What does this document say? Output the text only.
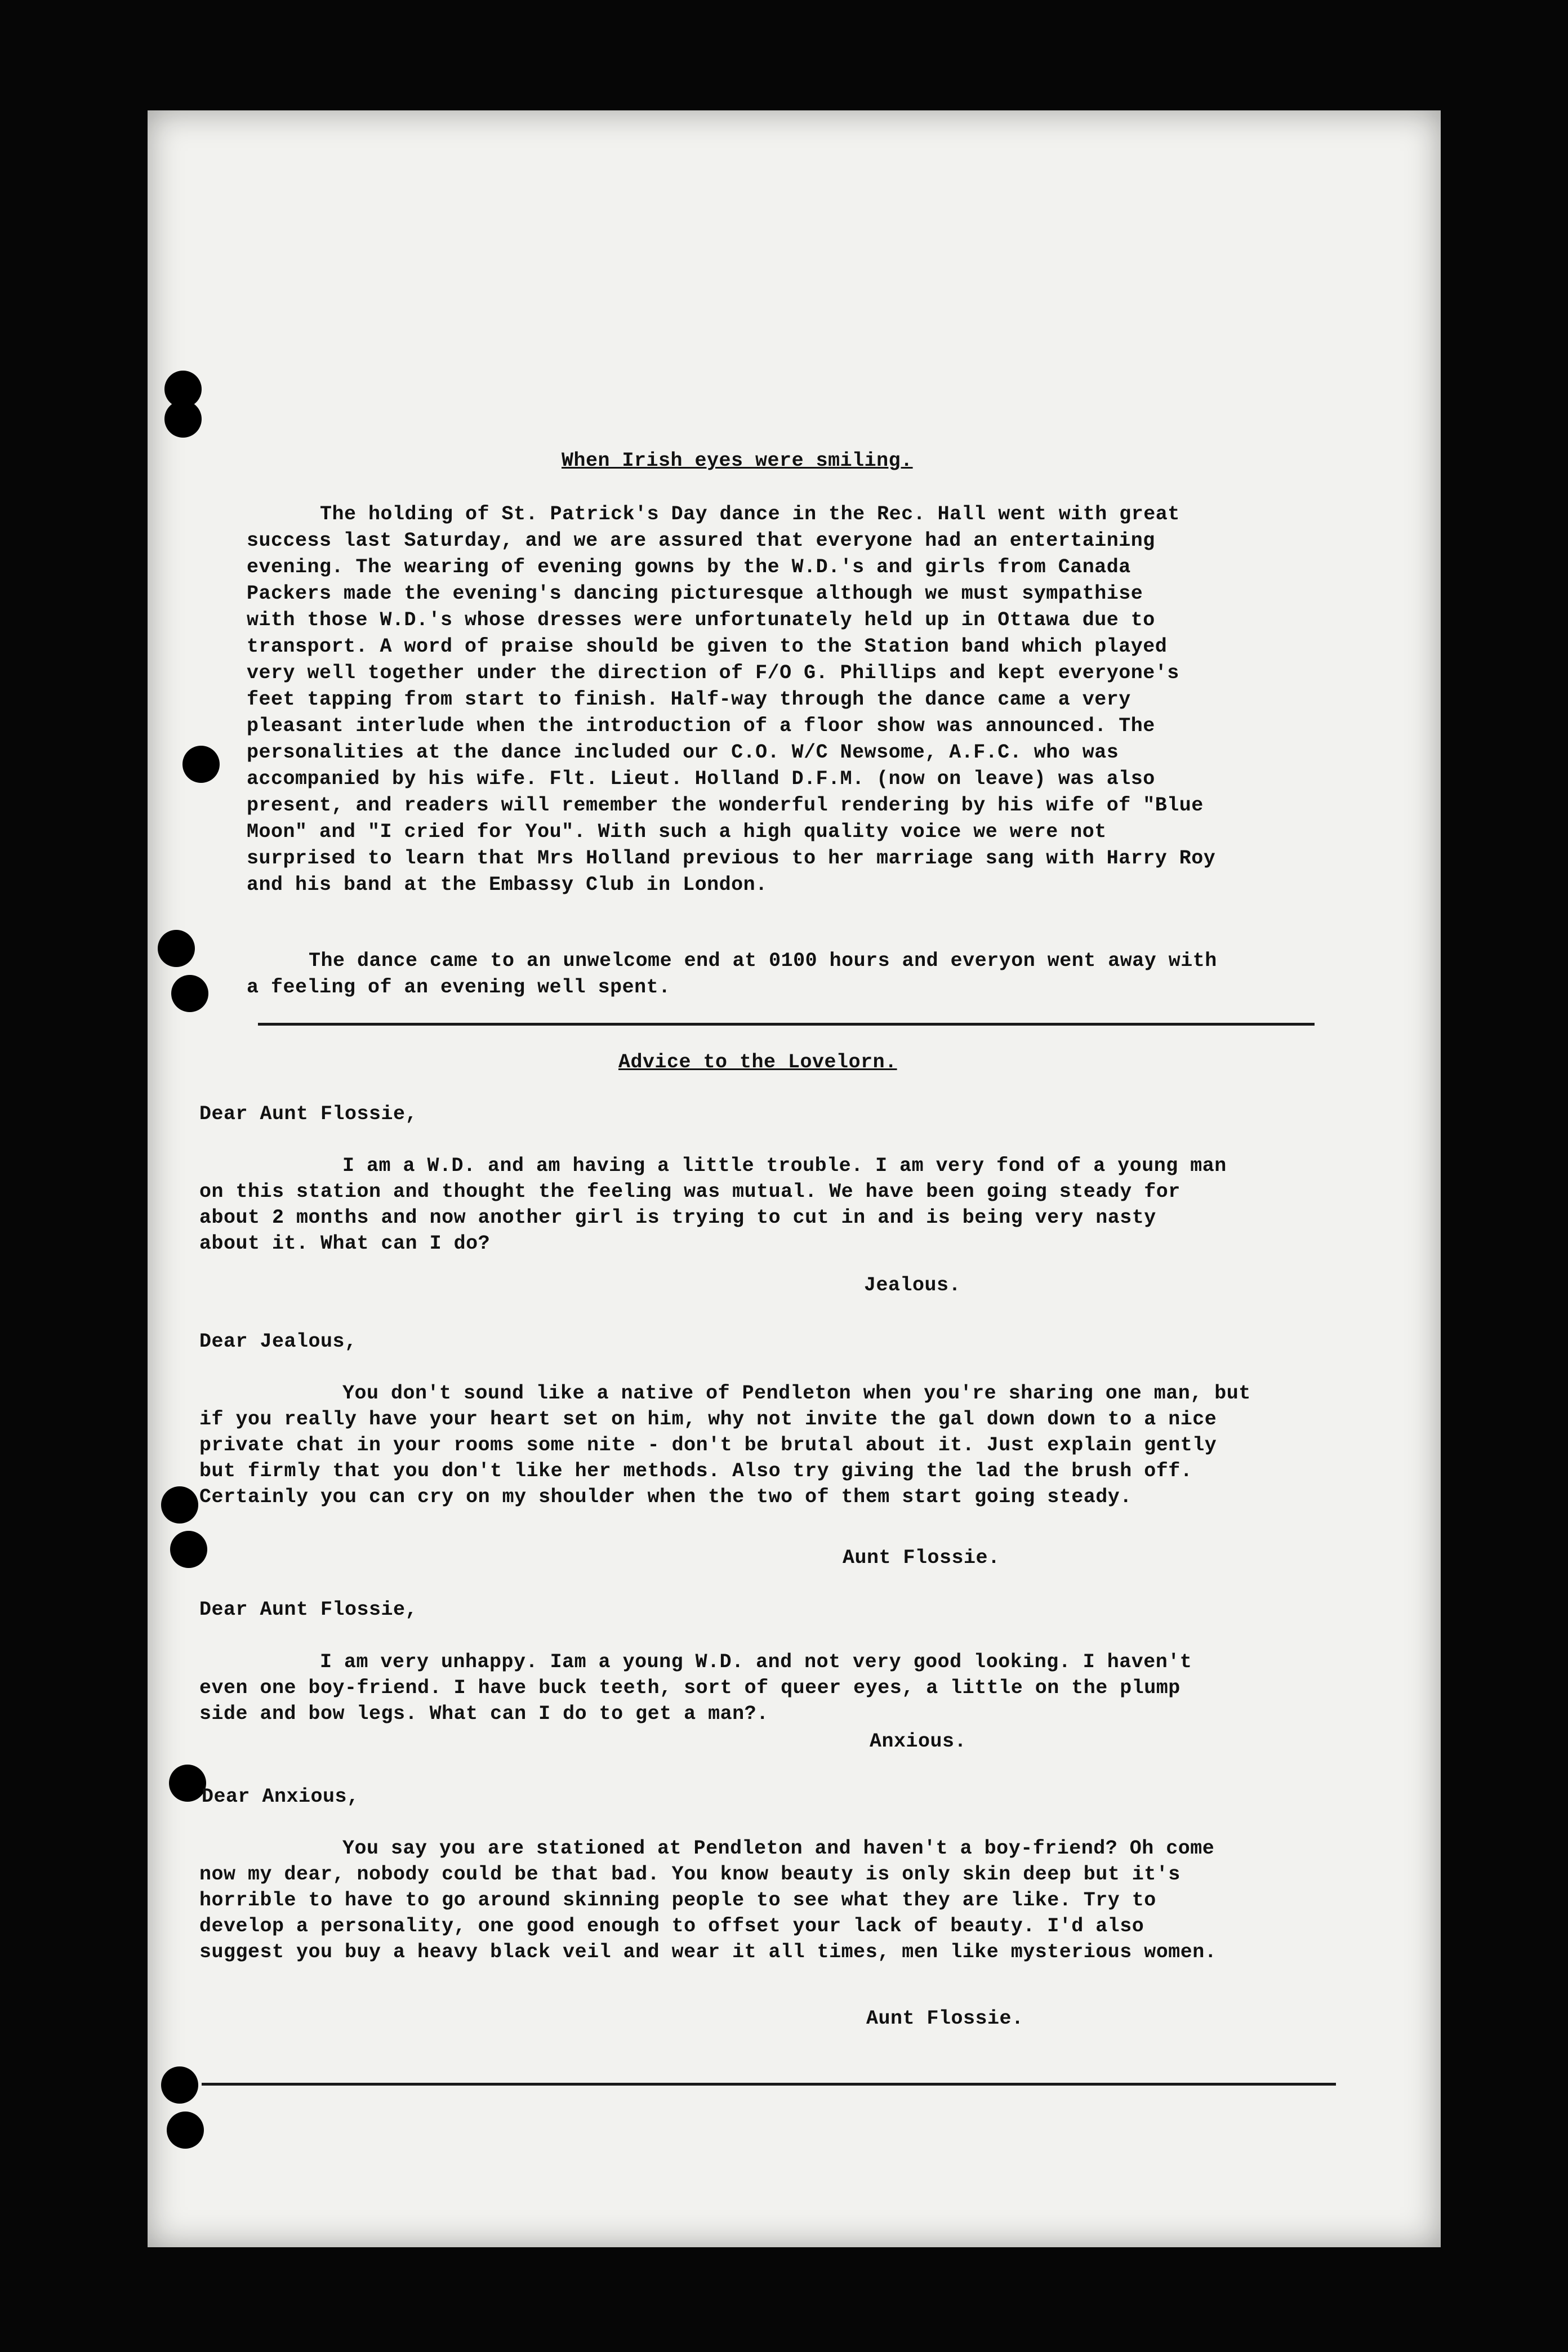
When Irish eyes were smiling.
The holding of St. Patrick's Day dance in the Rec. Hall went with great
success last Saturday, and we are assured that everyone had an entertaining
evening. The wearing of evening gowns by the W.D.'s and girls from Canada
Packers made the evening's dancing picturesque although we must sympathise
with those W.D.'s whose dresses were unfortunately held up in Ottawa due to
transport. A word of praise should be given to the Station band which played
very well together under the direction of F/O G. Phillips and kept everyone's
feet tapping from start to finish. Half-way through the dance came a very
pleasant interlude when the introduction of a floor show was announced. The
personalities at the dance included our C.O. W/C Newsome, A.F.C. who was
accompanied by his wife. Flt. Lieut. Holland D.F.M. (now on leave) was also
present, and readers will remember the wonderful rendering by his wife of "Blue
Moon" and "I cried for You". With such a high quality voice we were not
surprised to learn that Mrs Holland previous to her marriage sang with Harry Roy
and his band at the Embassy Club in London.
The dance came to an unwelcome end at 0100 hours and everyon went away with
a feeling of an evening well spent.
Advice to the Lovelorn.
Dear Aunt Flossie,
I am a W.D. and am having a little trouble. I am very fond of a young man
on this station and thought the feeling was mutual. We have been going steady for
about 2 months and now another girl is trying to cut in and is being very nasty
about it. What can I do?
Jealous.
Dear Jealous,
You don't sound like a native of Pendleton when you're sharing one man, but
if you really have your heart set on him, why not invite the gal down down to a nice
private chat in your rooms some nite - don't be brutal about it. Just explain gently
but firmly that you don't like her methods. Also try giving the lad the brush off.
Certainly you can cry on my shoulder when the two of them start going steady.
Aunt Flossie.
Dear Aunt Flossie,
I am very unhappy. Iam a young W.D. and not very good looking. I haven't
even one boy-friend. I have buck teeth, sort of queer eyes, a little on the plump
side and bow legs. What can I do to get a man?.
Anxious.
Dear Anxious,
You say you are stationed at Pendleton and haven't a boy-friend? Oh come
now my dear, nobody could be that bad. You know beauty is only skin deep but it's
horrible to have to go around skinning people to see what they are like. Try to
develop a personality, one good enough to offset your lack of beauty. I'd also
suggest you buy a heavy black veil and wear it all times, men like mysterious women.
Aunt Flossie.
